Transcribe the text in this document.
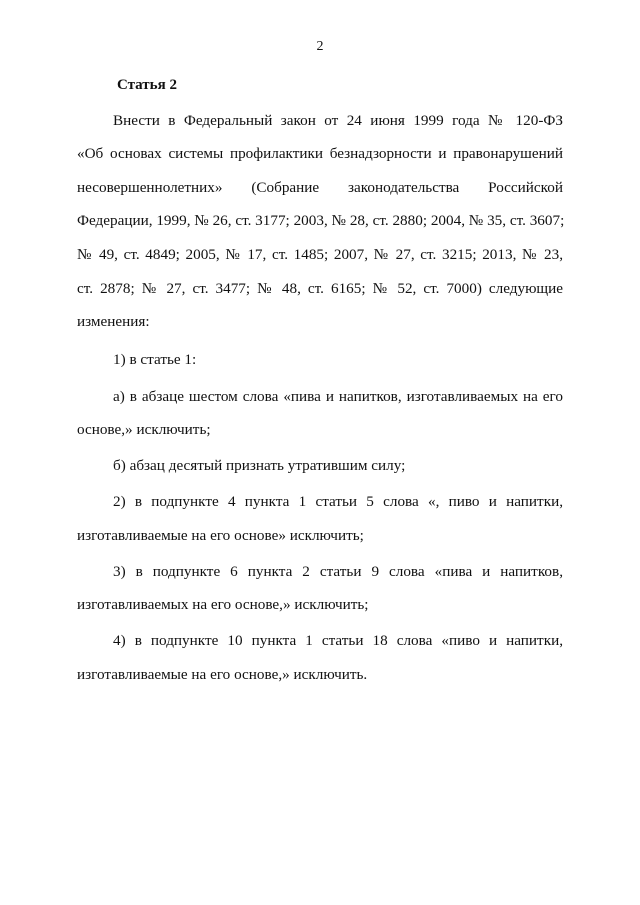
2
Статья 2
Внести в Федеральный закон от 24 июня 1999 года № 120-ФЗ
«Об основах системы профилактики безнадзорности и правонарушений
несовершеннолетних» (Собрание законодательства Российской
Федерации, 1999, № 26, ст. 3177; 2003, № 28, ст. 2880; 2004, № 35, ст. 3607;
№ 49, ст. 4849; 2005, № 17, ст. 1485; 2007, № 27, ст. 3215; 2013, № 23,
ст. 2878; № 27, ст. 3477; № 48, ст. 6165; № 52, ст. 7000) следующие
изменения:
1) в статье 1:
а) в абзаце шестом слова «пива и напитков, изготавливаемых на его
основе,» исключить;
б) абзац десятый признать утратившим силу;
2) в подпункте 4 пункта 1 статьи 5 слова «, пиво и напитки,
изготавливаемые на его основе» исключить;
3) в подпункте 6 пункта 2 статьи 9 слова «пива и напитков,
изготавливаемых на его основе,» исключить;
4) в подпункте 10 пункта 1 статьи 18 слова «пиво и напитки,
изготавливаемые на его основе,» исключить.
